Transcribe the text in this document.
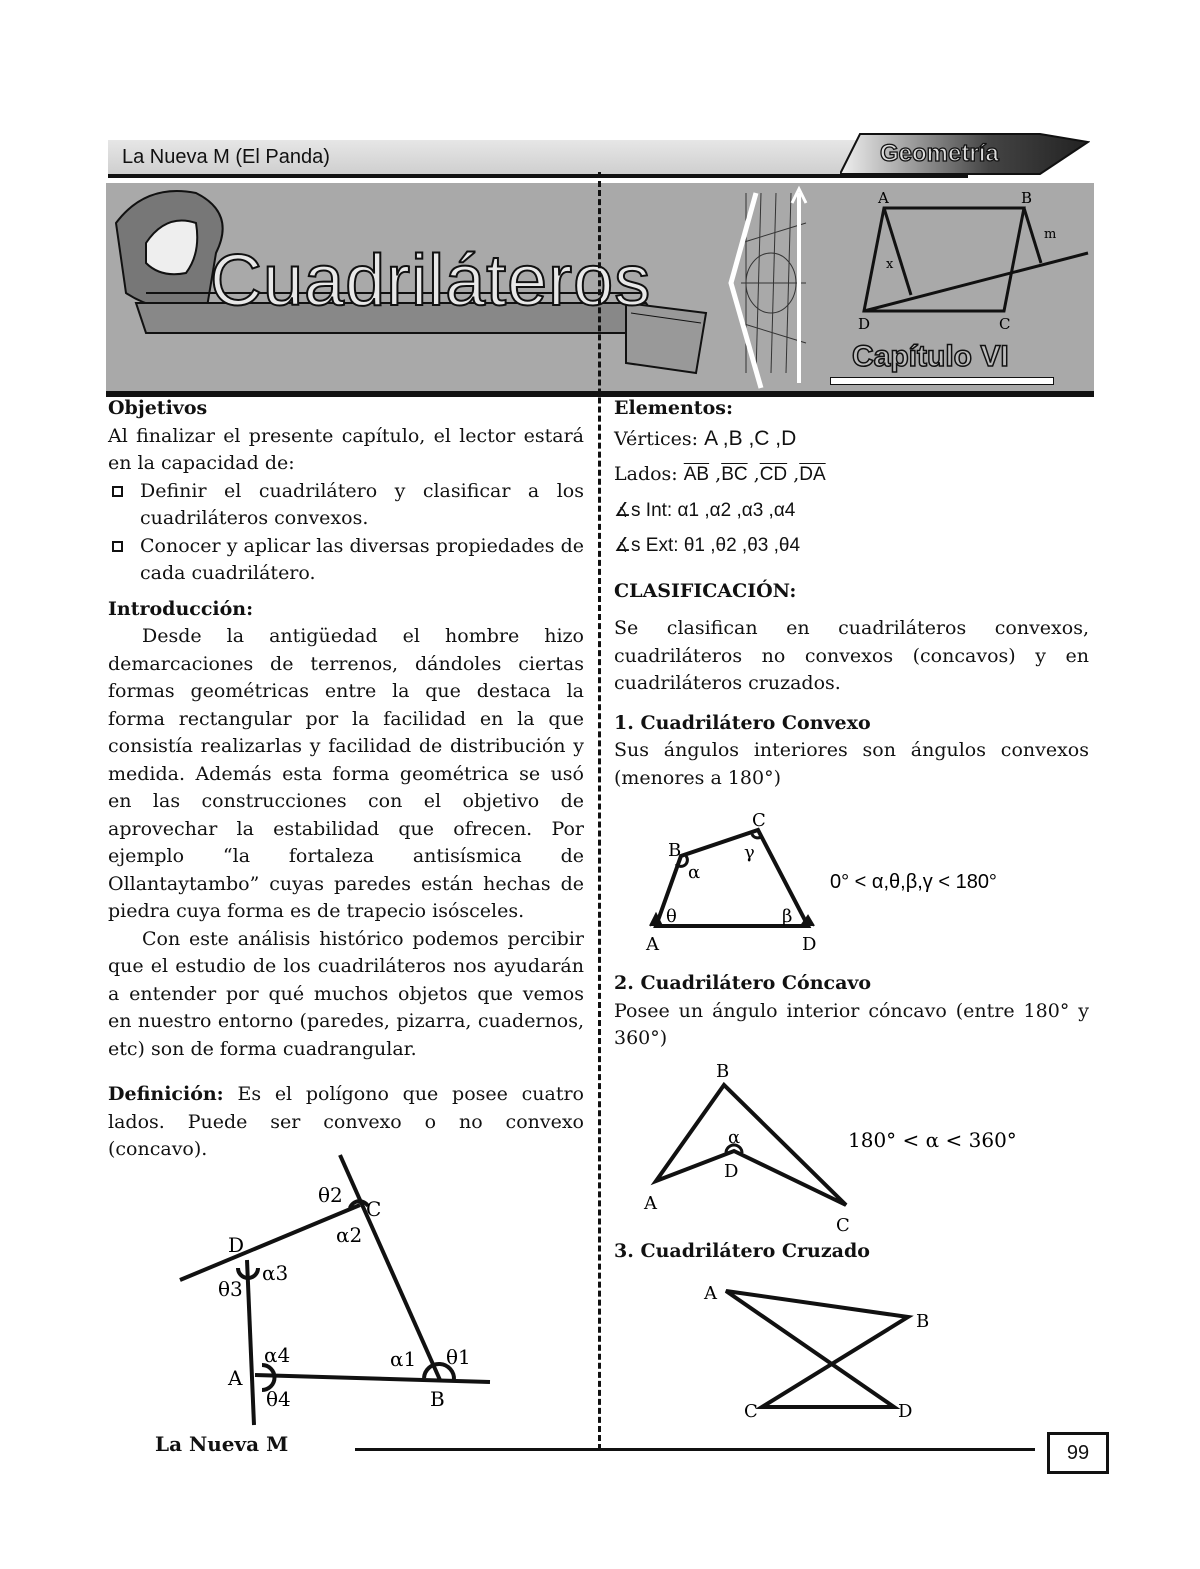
La Nueva M (El Panda)	Geometría
A	B
C
D
x
m
Cuadriláteros
Capítulo VI
Objetivos

Al finalizar el presente capítulo, el lector estará en la capacidad de:

Definir el cuadrilátero y clasificar a los cuadriláteros convexos.
Conocer y aplicar las diversas propiedades de cada cuadrilátero.
Introducción:

Desde la antigüedad el hombre hizo demarcaciones de terrenos, dándoles ciertas formas geométricas entre la que destaca la forma rectangular por la facilidad en la que consistía realizarlas y facilidad de distribución y medida. Además esta forma geométrica se usó en las construcciones con el objetivo de aprovechar la estabilidad que ofrecen. Por ejemplo “la fortaleza antisísmica de Ollantaytambo” cuyas paredes están hechas de piedra cuya forma es de trapecio isósceles.

Con este análisis histórico podemos percibir que el estudio de los cuadriláteros nos ayudarán a entender por qué muchos objetos que vemos en nuestro entorno (paredes, pizarra, cuadernos, etc) son de forma cuadrangular.

Definición: Es el polígono que posee cuatro lados. Puede ser convexo o no convexo (concavo).

D
C
A
B
θ2
α2
α3
θ3
α4
θ4
α1 θ1
Elementos:

Vértices: A ,B ,C ,D

Lados: $\overline{AB}$ $,\overline{BC}$ $,\overline{CD}$ $,\overline{DA}$

∡s Int: α1 ,α2 ,α3 ,α4

∡s Ext: θ1 ,θ2 ,θ3 ,θ4

CLASIFICACIÓN:

Se clasifican en cuadriláteros convexos, cuadriláteros no convexos (concavos) y en cuadriláteros cruzados.

1. Cuadrilátero Convexo

Sus ángulos interiores son ángulos convexos (menores a 180°)

A
B
C
D
α
θ	β
γ
0° < α,θ,β,γ < 180°
2. Cuadrilátero Cóncavo

Posee un ángulo interior cóncavo (entre 180° y 360°)

A
B
C
D
α	180° < α < 360°
3. Cuadrilátero Cruzado
A
B
C	D
La Nueva M	99
